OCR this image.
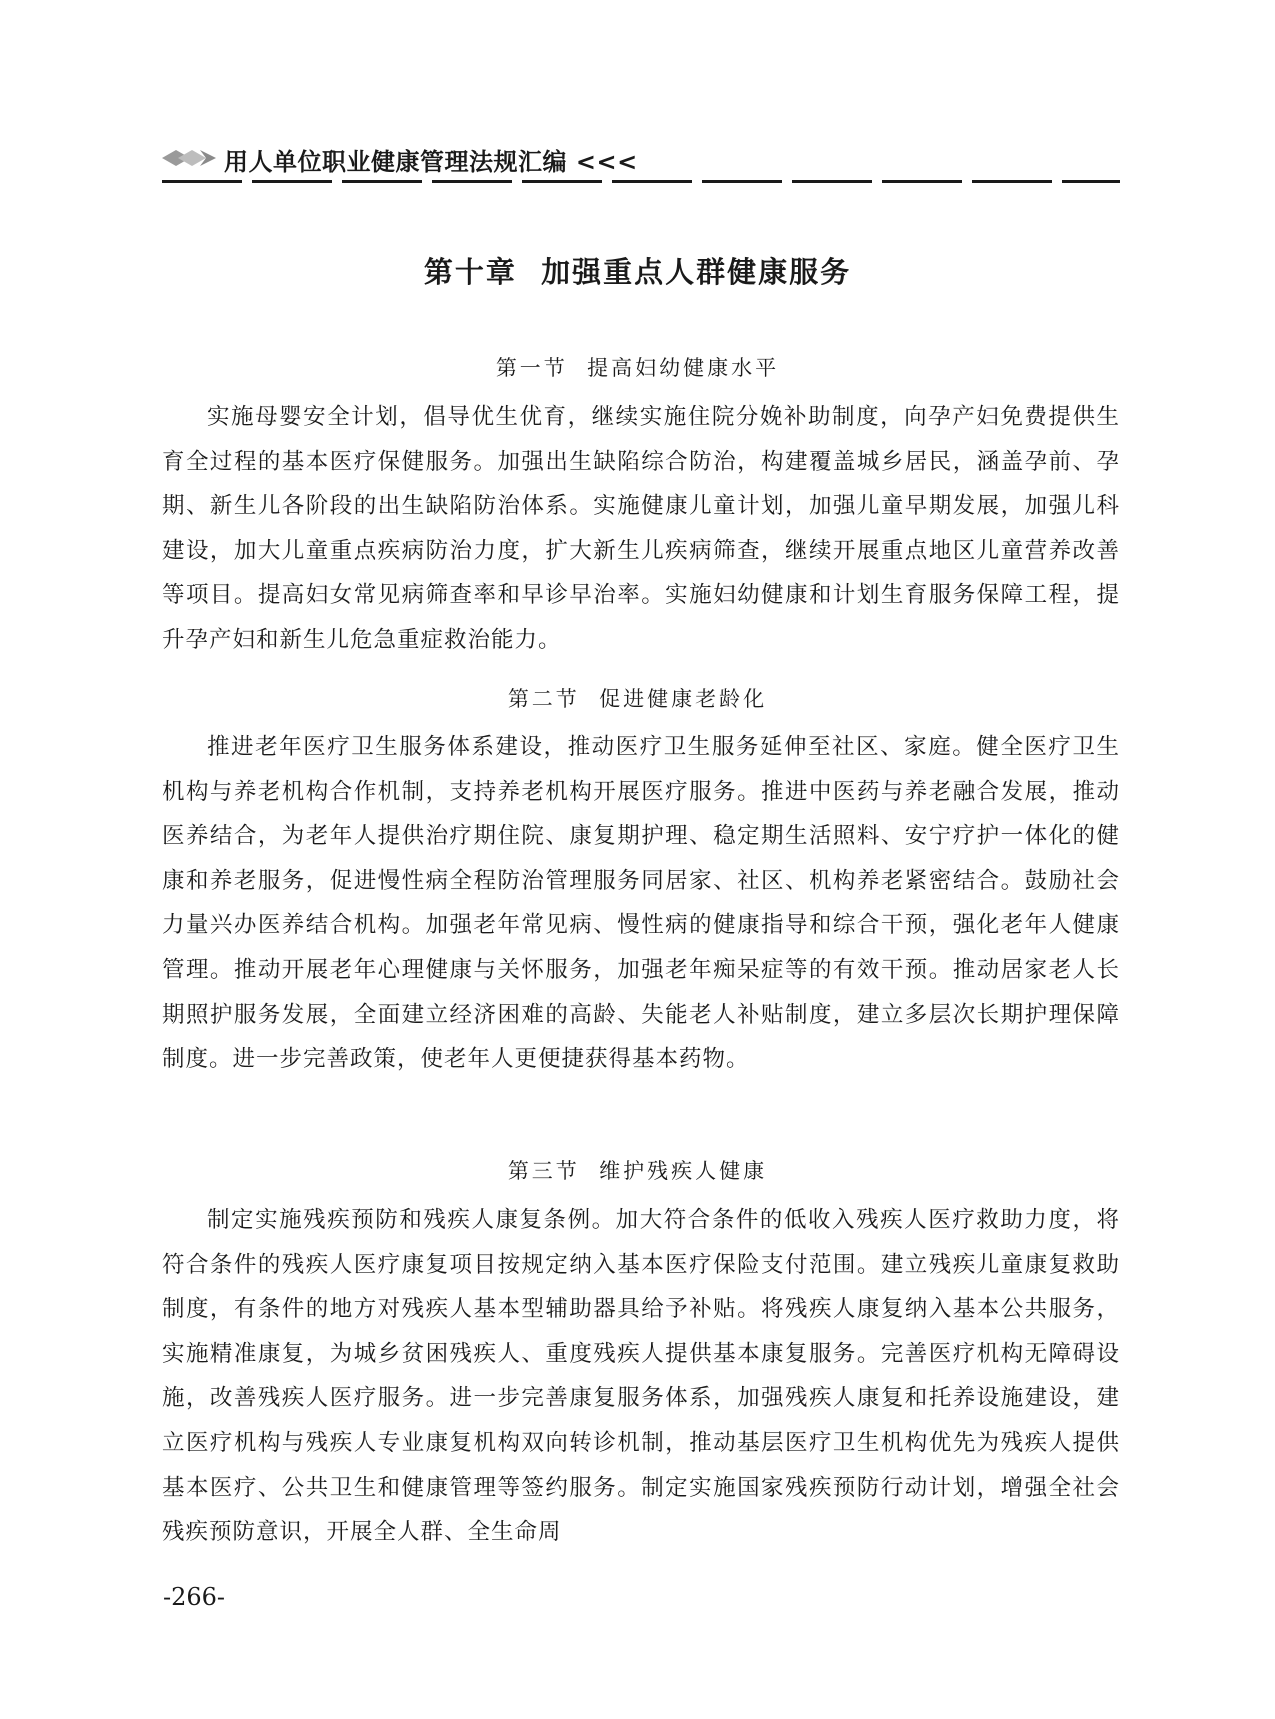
用人单位职业健康管理法规汇编 <<<
第十章  加强重点人群健康服务
第一节  提高妇幼健康水平

实施母婴安全计划，倡导优生优育，继续实施住院分娩补助制度，向孕产妇免费提供生育全过程的基本医疗保健服务。加强出生缺陷综合防治，构建覆盖城乡居民，涵盖孕前、孕期、新生儿各阶段的出生缺陷防治体系。实施健康儿童计划，加强儿童早期发展，加强儿科建设，加大儿童重点疾病防治力度，扩大新生儿疾病筛查，继续开展重点地区儿童营养改善等项目。提高妇女常见病筛查率和早诊早治率。实施妇幼健康和计划生育服务保障工程，提升孕产妇和新生儿危急重症救治能力。

第二节  促进健康老龄化

推进老年医疗卫生服务体系建设，推动医疗卫生服务延伸至社区、家庭。健全医疗卫生机构与养老机构合作机制，支持养老机构开展医疗服务。推进中医药与养老融合发展，推动医养结合，为老年人提供治疗期住院、康复期护理、稳定期生活照料、安宁疗护一体化的健康和养老服务，促进慢性病全程防治管理服务同居家、社区、机构养老紧密结合。鼓励社会力量兴办医养结合机构。加强老年常见病、慢性病的健康指导和综合干预，强化老年人健康管理。推动开展老年心理健康与关怀服务，加强老年痴呆症等的有效干预。推动居家老人长期照护服务发展，全面建立经济困难的高龄、失能老人补贴制度，建立多层次长期护理保障制度。进一步完善政策，使老年人更便捷获得基本药物。

第三节  维护残疾人健康

制定实施残疾预防和残疾人康复条例。加大符合条件的低收入残疾人医疗救助力度，将符合条件的残疾人医疗康复项目按规定纳入基本医疗保险支付范围。建立残疾儿童康复救助制度，有条件的地方对残疾人基本型辅助器具给予补贴。将残疾人康复纳入基本公共服务，实施精准康复，为城乡贫困残疾人、重度残疾人提供基本康复服务。完善医疗机构无障碍设施，改善残疾人医疗服务。进一步完善康复服务体系，加强残疾人康复和托养设施建设，建立医疗机构与残疾人专业康复机构双向转诊机制，推动基层医疗卫生机构优先为残疾人提供基本医疗、公共卫生和健康管理等签约服务。制定实施国家残疾预防行动计划，增强全社会残疾预防意识，开展全人群、全生命周

-266-
